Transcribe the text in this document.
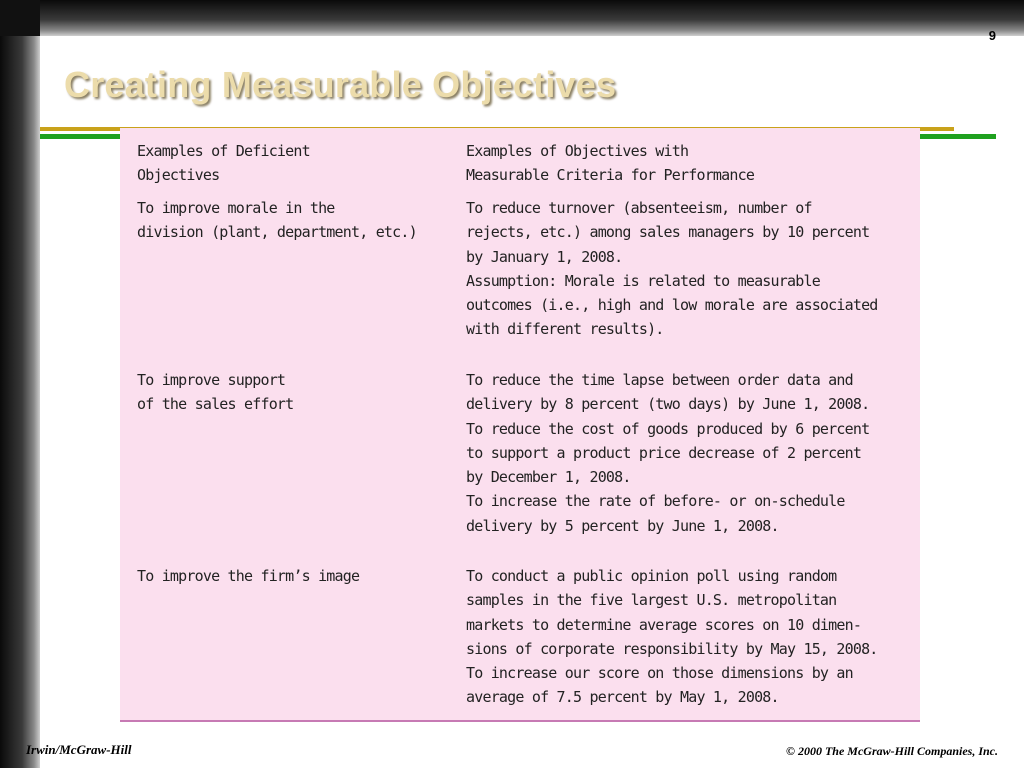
9
Creating Measurable Objectives
Examples of Deficient
Objectives
Examples of Objectives with
Measurable Criteria for Performance
To improve morale in the
division (plant, department, etc.)
To reduce turnover (absenteeism, number of
rejects, etc.) among sales managers by 10 percent
by January 1, 2008.
Assumption: Morale is related to measurable
outcomes (i.e., high and low morale are associated
with different results).
To improve support
of the sales effort
To reduce the time lapse between order data and
delivery by 8 percent (two days) by June 1, 2008.
To reduce the cost of goods produced by 6 percent
to support a product price decrease of 2 percent
by December 1, 2008.
To increase the rate of before- or on-schedule
delivery by 5 percent by June 1, 2008.
To improve the firm’s image	To conduct a public opinion poll using random
samples in the five largest U.S. metropolitan
markets to determine average scores on 10 dimen-
sions of corporate responsibility by May 15, 2008.
To increase our score on those dimensions by an
average of 7.5 percent by May 1, 2008.
Irwin/McGraw-Hill	© 2000 The McGraw-Hill Companies, Inc.
